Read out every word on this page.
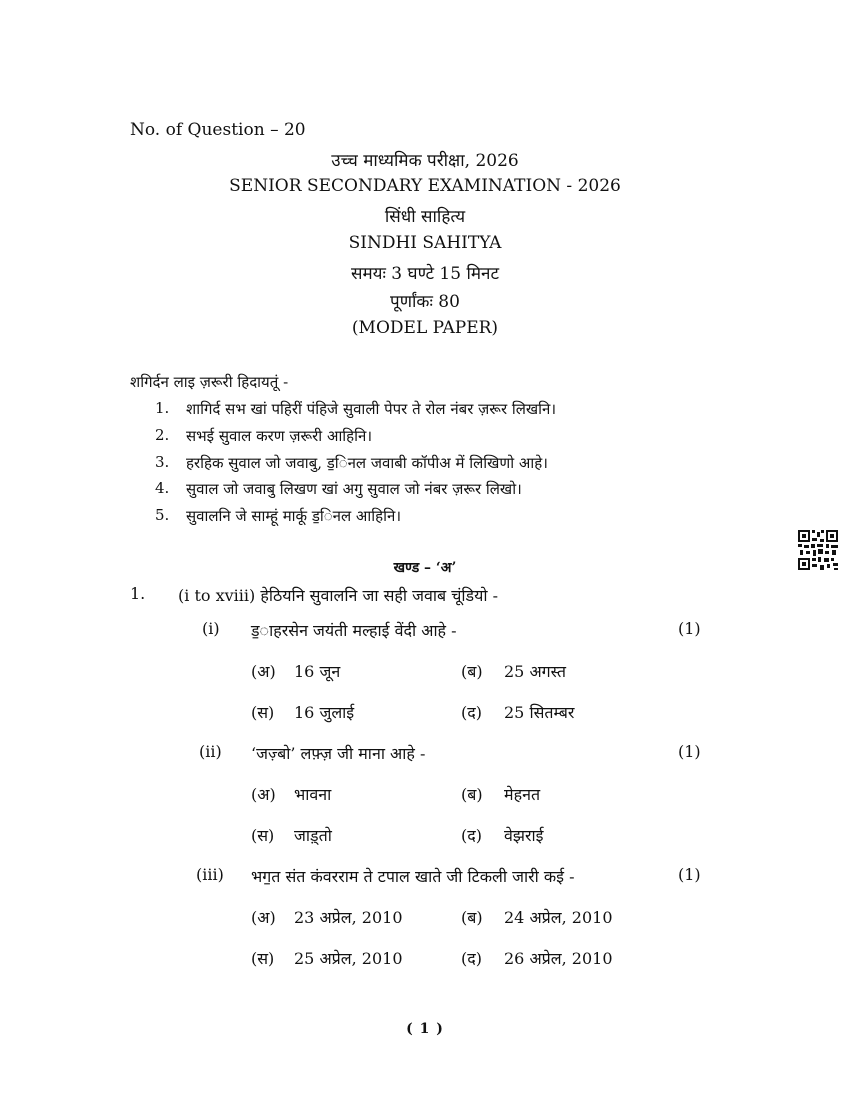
No. of Question – 20
उच्च माध्यमिक परीक्षा, 2026
SENIOR SECONDARY EXAMINATION - 2026
सिंधी साहित्य
SINDHI SAHITYA
समयः 3 घण्टे 15 मिनट
पूर्णांकः 80
(MODEL PAPER)
शगिर्दन लाइ ज़रूरी हिदायतूं -
1. शागिर्द सभ खां पहिरीं पंहिजे सुवाली पेपर ते रोल नंबर ज़रूर लिखनि।
2. सभई सुवाल करण ज़रूरी आहिनि।
3. हरहिक सुवाल जो जवाबु, ड॒िनल जवाबी कॉपीअ में लिखिणो आहे।
4. सुवाल जो जवाबु लिखण खां अगु सुवाल जो नंबर ज़रूर लिखो।
5. सुवालनि जे साम्हूं मार्कू ड॒िनल आहिनि।
खण्ड – ‘अ’
1. (i to xviii) हेठियनि सुवालनि जा सही जवाब चूंडियो -
(i) ड॒ाहरसेन जयंती मल्हाई वेंदी आहे -	(1)
(अ) 16 जून	(ब) 25 अगस्त
(स) 16 जुलाई	(द) 25 सितम्बर
(ii) ‘जज़्बो’ लफ़्ज़ जी माना आहे -	(1)
(अ) भावना	(ब) मेहनत
(स) जाड़्तो	(द) वेझराई
(iii) भग॒त संत कंवरराम ते टपाल खाते जी टिकली जारी कई -	(1)
(अ) 23 अप्रेल, 2010	(ब) 24 अप्रेल, 2010
(स) 25 अप्रेल, 2010	(द) 26 अप्रेल, 2010
( 1 )
